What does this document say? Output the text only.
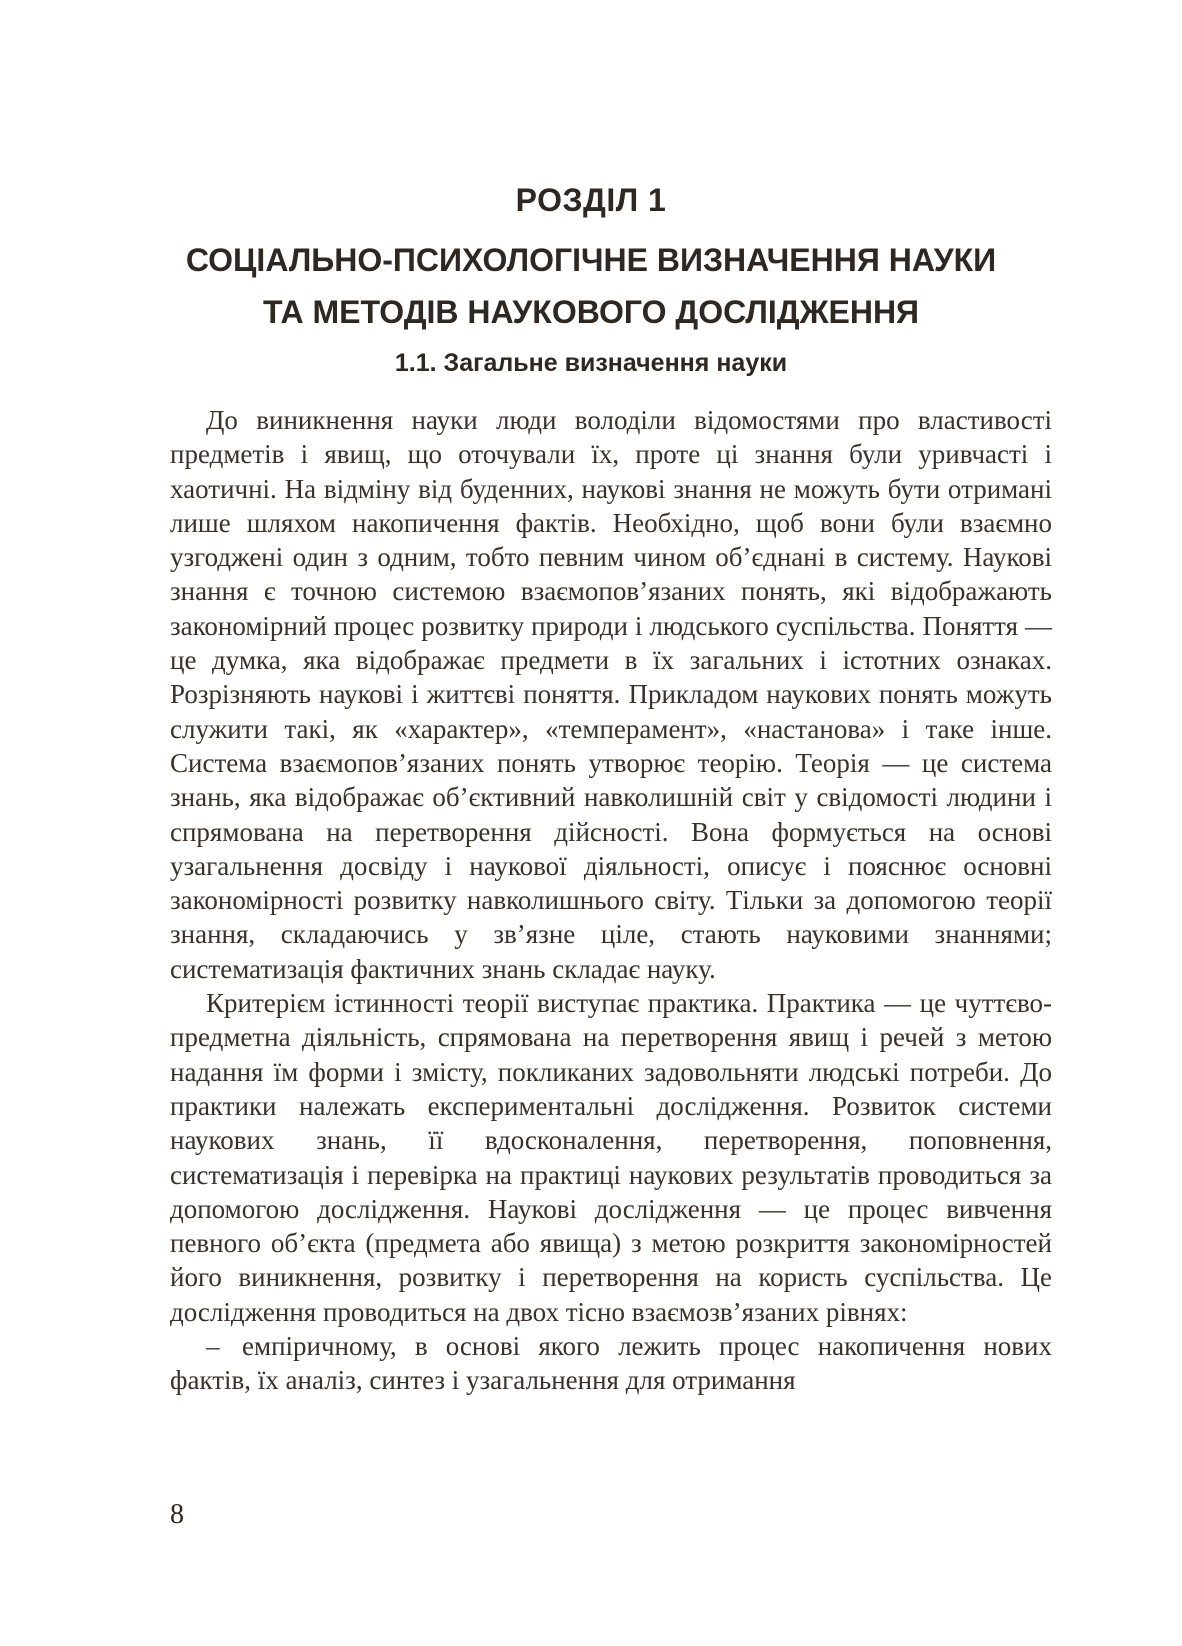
РОЗДІЛ 1
СОЦІАЛЬНО-ПСИХОЛОГІЧНЕ ВИЗНАЧЕННЯ НАУКИ
ТА МЕТОДІВ НАУКОВОГО ДОСЛІДЖЕННЯ
1.1. Загальне визначення науки

До виникнення науки люди володіли відомостями про властивості предметів і явищ, що оточували їх, проте ці знання були уривчасті і хаотичні. На відміну від буденних, наукові знання не можуть бути отримані лише шляхом накопичення фактів. Необхідно, щоб вони були взаємно узгоджені один з одним, тобто певним чином об’єднані в систему. Наукові знання є точною системою взаємопов’язаних понять, які відображають закономірний процес розвитку природи і людського суспільства. Поняття — це думка, яка відображає предмети в їх загальних і істотних ознаках. Розрізняють наукові і життєві поняття. Прикладом наукових понять можуть служити такі, як «характер», «темперамент», «настанова» і таке інше. Система взаємопов’язаних понять утворює теорію. Теорія — це система знань, яка відображає об’єктивний навколишній світ у свідомості людини і спрямована на перетворення дійсності. Вона формується на основі узагальнення досвіду і наукової діяльності, описує і пояснює основні закономірності розвитку навколишнього світу. Тільки за допомогою теорії знання, складаючись у зв’язне ціле, стають науковими знаннями; систематизація фактичних знань складає науку.

Критерієм істинності теорії виступає практика. Практика — це чуттєво-предметна діяльність, спрямована на перетворення явищ і речей з метою надання їм форми і змісту, покликаних задовольняти людські потреби. До практики належать експериментальні дослідження. Розвиток системи наукових знань, її вдосконалення, перетворення, поповнення, систематизація і перевірка на практиці наукових результатів проводиться за допомогою дослідження. Наукові дослідження — це процес вивчення певного об’єкта (предмета або явища) з метою розкриття закономірностей його виникнення, розвитку і перетворення на користь суспільства. Це дослідження проводиться на двох тісно взаємозв’язаних рівнях:

– емпіричному, в основі якого лежить процес накопичення нових фактів, їх аналіз, синтез і узагальнення для отримання

8
